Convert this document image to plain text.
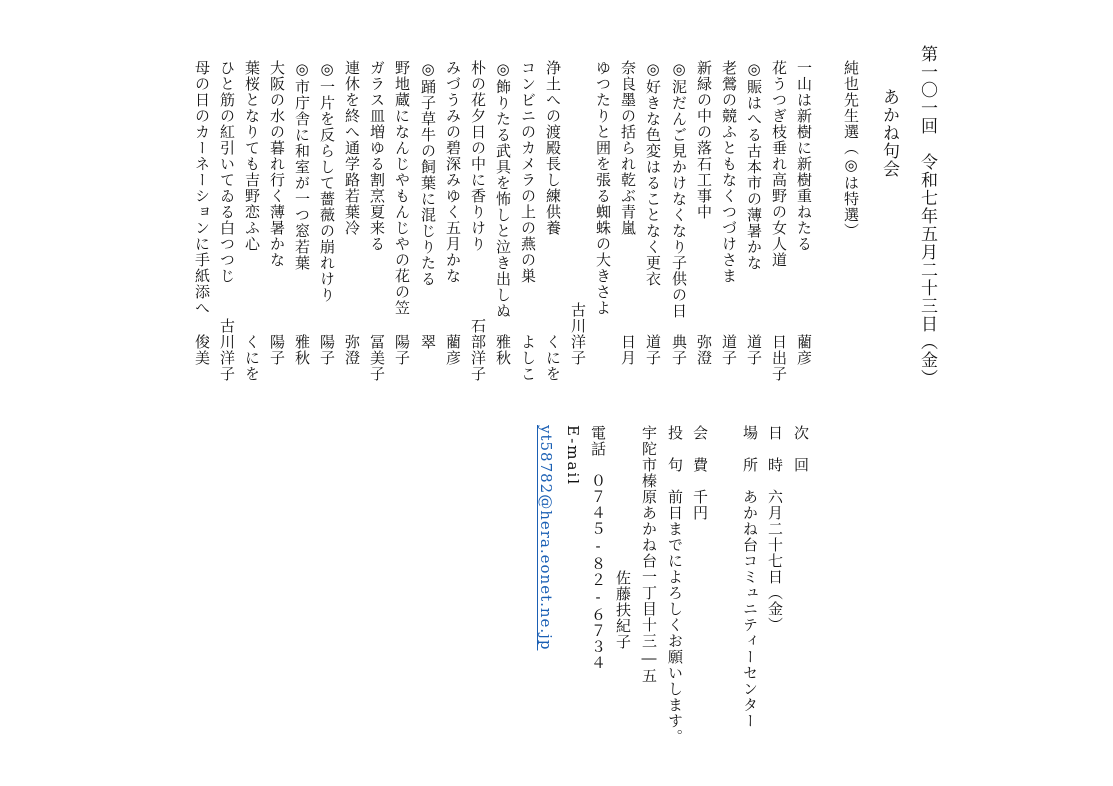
第一〇一回　令和七年五月二十三日（金）
あかね句会
純也先生選（◎は特選）
一山は新樹に新樹重ねたる
藺彦
花うつぎ枝垂れ高野の女人道
日出子
◎賑はへる古本市の薄暑かな
道子
老鶯の競ふともなくつづけさま
道子
新緑の中の落石工事中
弥澄
◎泥だんご見かけなくなり子供の日
典子
◎好きな色変はることなく更衣
道子
奈良墨の括られ乾ぶ青嵐
日月
ゆつたりと囲を張る蜘蛛の大きさよ
古川洋子
浄土への渡殿長し練供養
くにを
コンビニのカメラの上の燕の巣
よしこ
◎飾りたる武具を怖しと泣き出しぬ
雅秋
朴の花夕日の中に香りけり
石部洋子
みづうみの碧深みゆく五月かな
藺彦
◎踊子草牛の飼葉に混じりたる
翠
野地蔵になんじやもんじやの花の笠
陽子
ガラス皿増ゆる割烹夏来る
冨美子
連休を終へ通学路若葉冷
弥澄
◎一片を反らして薔薇の崩れけり
陽子
◎市庁舎に和室が一つ窓若葉
雅秋
大阪の水の暮れ行く薄暑かな
陽子
葉桜となりても吉野恋ふ心
くにを
ひと筋の紅引いてゐる白つつじ
古川洋子
母の日のカーネーションに手紙添へ
俊美
次　回
日　時
六月二十七日（金）
場　所
あかね台コミュニティーセンター
会　費
千円
投　句
前日までによろしくお願いします。
宇陀市榛原あかね台一丁目十三―五
佐藤扶紀子
電話
０７４５‐８２‐６７３４
E-mail
yt58782@hera.eonet.ne.jp
